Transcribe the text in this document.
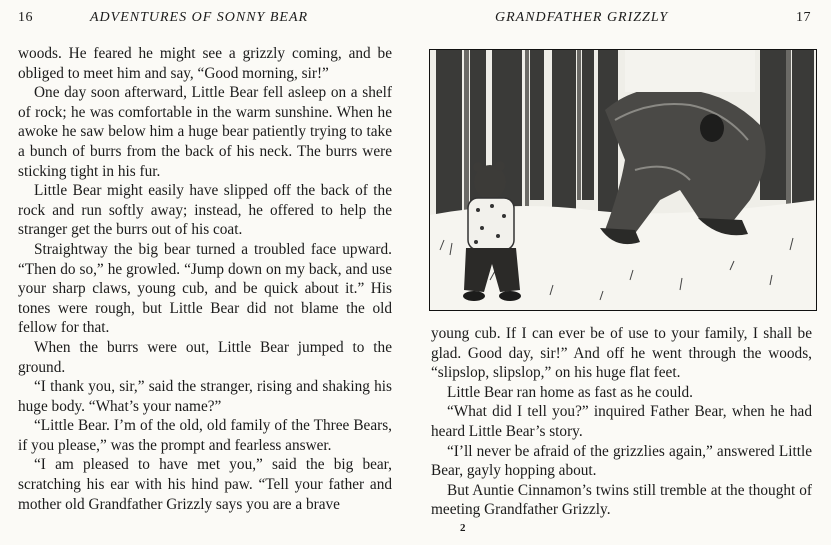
16	ADVENTURES OF SONNY BEAR

woods. He feared he might see a grizzly coming, and be obliged to meet him and say, “Good morning, sir!”

One day soon afterward, Little Bear fell asleep on a shelf of rock; he was comfortable in the warm sunshine. When he awoke he saw below him a huge bear patiently trying to take a bunch of burrs from the back of his neck. The burrs were sticking tight in his fur.

Little Bear might easily have slipped off the back of the rock and run softly away; instead, he offered to help the stranger get the burrs out of his coat.

Straightway the big bear turned a troubled face upward. “Then do so,” he growled. “Jump down on my back, and use your sharp claws, young cub, and be quick about it.” His tones were rough, but Little Bear did not blame the old fellow for that.

When the burrs were out, Little Bear jumped to the ground.

“I thank you, sir,” said the stranger, rising and shaking his huge body. “What’s your name?”

“Little Bear. I’m of the old, old family of the Three Bears, if you please,” was the prompt and fearless answer.

“I am pleased to have met you,” said the big bear, scratching his ear with his hind paw. “Tell your father and mother old Grandfather Grizzly says you are a brave

GRANDFATHER GRIZZLY	17

young cub. If I can ever be of use to your family, I shall be glad. Good day, sir!” And off he went through the woods, “slipslop, slipslop,” on his huge flat feet.

Little Bear ran home as fast as he could.

“What did I tell you?” inquired Father Bear, when he had heard Little Bear’s story.

“I’ll never be afraid of the grizzlies again,” answered Little Bear, gayly hopping about.

But Auntie Cinnamon’s twins still tremble at the thought of meeting Grandfather Grizzly.

2
